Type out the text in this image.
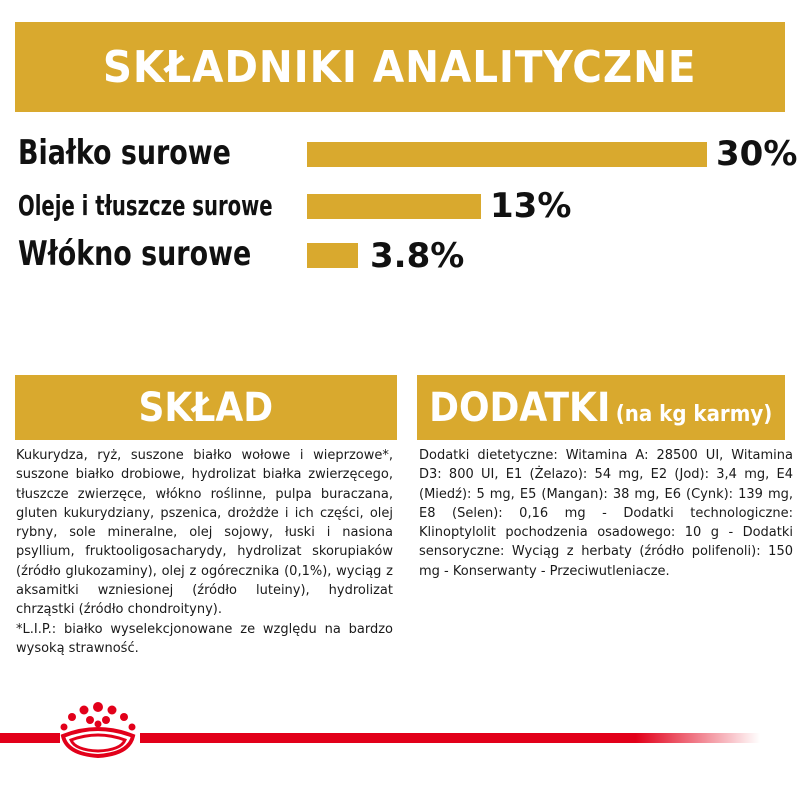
SKŁADNIKI ANALITYCZNE
Białko surowe	30%
Oleje i tłuszcze surowe	13%
Włókno surowe	3.8%
SKŁAD
Kukurydza, ryż, suszone białko wołowe i wieprzowe*, suszone białko drobiowe, hydrolizat białka zwierzęcego, tłuszcze zwierzęce, włókno roślinne, pulpa buraczana, gluten kukurydziany, pszenica, drożdże i ich części, olej rybny, sole mineralne, olej sojowy, łuski i nasiona psyllium, fruktooligosacharydy, hydrolizat skorupiaków (źródło glukozaminy), olej z ogórecznika (0,1%), wyciąg z aksamitki wzniesionej (źródło luteiny), hydrolizat chrząstki (źródło chondroityny).
*L.I.P.: białko wyselekcjonowane ze względu na bardzo wysoką strawność.
DODATKI (na kg karmy)
Dodatki dietetyczne: Witamina A: 28500 UI, Witamina D3: 800 UI, E1 (Żelazo): 54 mg, E2 (Jod): 3,4 mg, E4 (Miedź): 5 mg, E5 (Mangan): 38 mg, E6 (Cynk): 139 mg, E8 (Selen): 0,16 mg - Dodatki technologiczne: Klinoptylolit pochodzenia osadowego: 10 g - Dodatki sensoryczne: Wyciąg z herbaty (źródło polifenoli): 150 mg - Konserwanty - Przeciwutleniacze.
